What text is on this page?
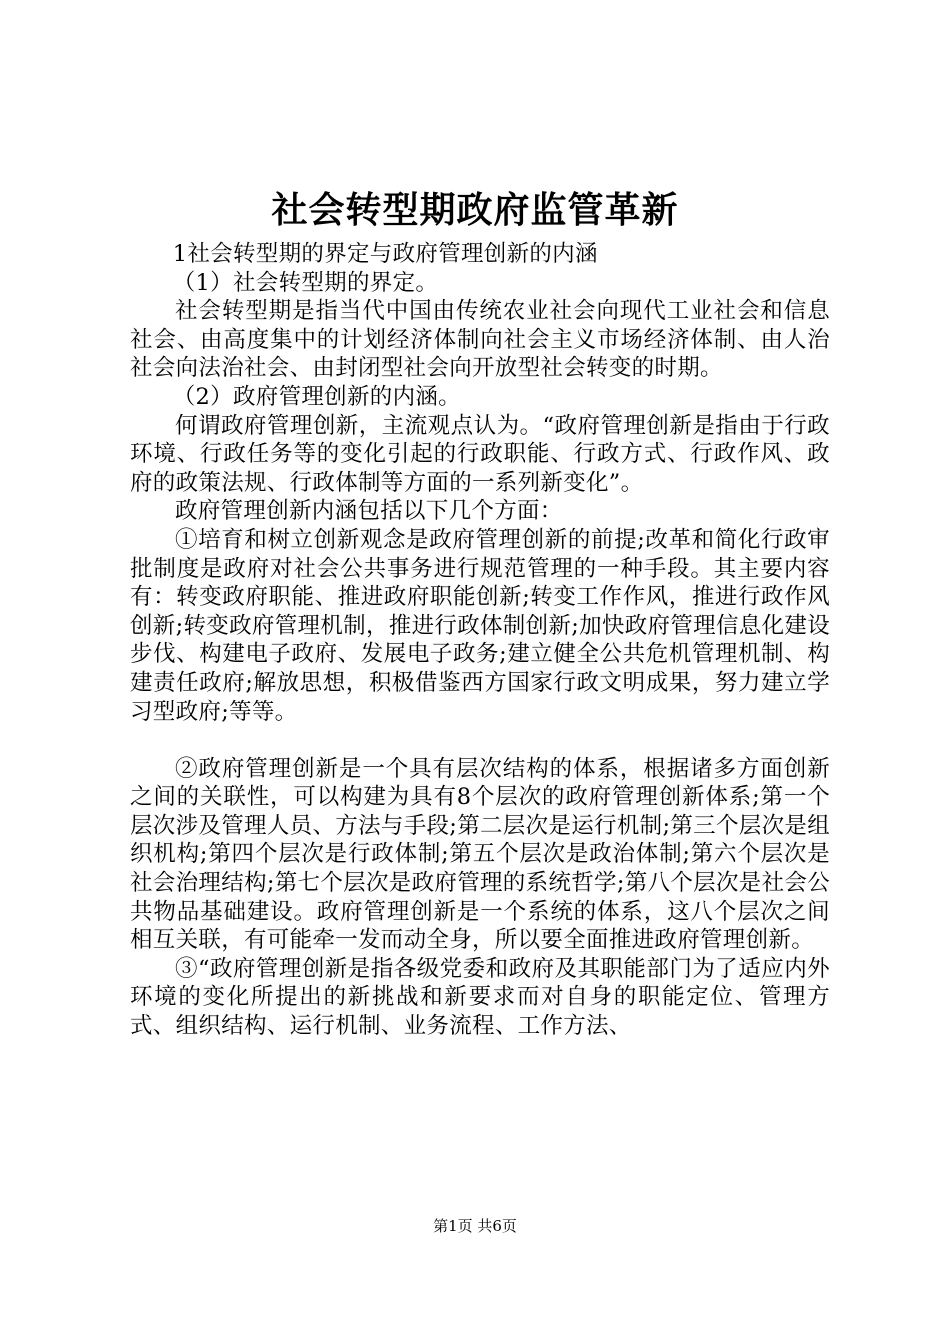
社会转型期政府监管革新

1社会转型期的界定与政府管理创新的内涵

（1）社会转型期的界定。

社会转型期是指当代中国由传统农业社会向现代工业社会和信息社会、由高度集中的计划经济体制向社会主义市场经济体制、由人治社会向法治社会、由封闭型社会向开放型社会转变的时期。

（2）政府管理创新的内涵。

何谓政府管理创新，主流观点认为。“政府管理创新是指由于行政环境、行政任务等的变化引起的行政职能、行政方式、行政作风、政府的政策法规、行政体制等方面的一系列新变化”。

政府管理创新内涵包括以下几个方面：

①培育和树立创新观念是政府管理创新的前提;改革和简化行政审批制度是政府对社会公共事务进行规范管理的一种手段。其主要内容有：转变政府职能、推进政府职能创新;转变工作作风，推进行政作风创新;转变政府管理机制，推进行政体制创新;加快政府管理信息化建设步伐、构建电子政府、发展电子政务;建立健全公共危机管理机制、构建责任政府;解放思想，积极借鉴西方国家行政文明成果，努力建立学习型政府;等等。

②政府管理创新是一个具有层次结构的体系，根据诸多方面创新之间的关联性，可以构建为具有8个层次的政府管理创新体系;第一个层次涉及管理人员、方法与手段;第二层次是运行机制;第三个层次是组织机构;第四个层次是行政体制;第五个层次是政治体制;第六个层次是社会治理结构;第七个层次是政府管理的系统哲学;第八个层次是社会公共物品基础建设。政府管理创新是一个系统的体系，这八个层次之间相互关联，有可能牵一发而动全身，所以要全面推进政府管理创新。

③“政府管理创新是指各级党委和政府及其职能部门为了适应内外环境的变化所提出的新挑战和新要求而对自身的职能定位、管理方式、组织结构、运行机制、业务流程、工作方法、

第1页 共6页
